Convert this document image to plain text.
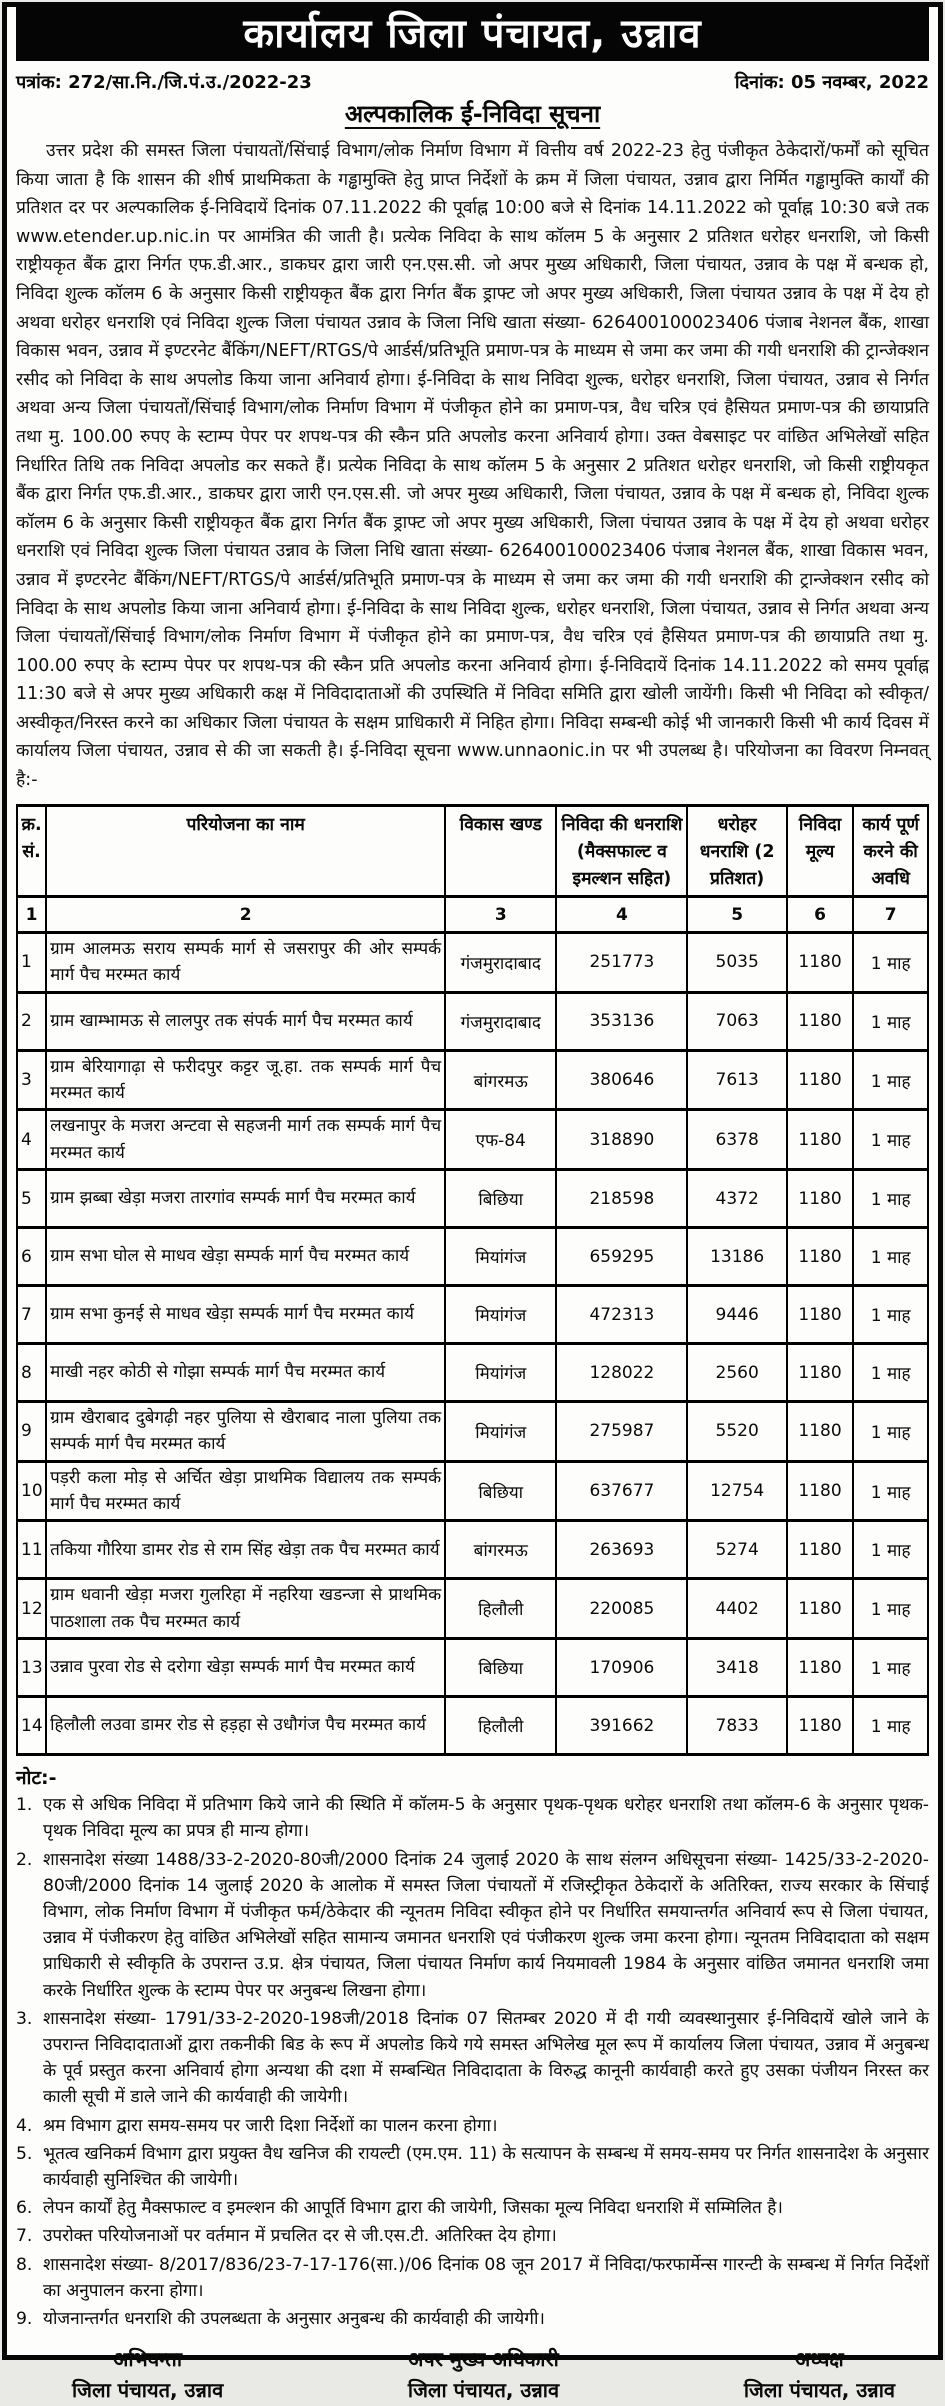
कार्यालय जिला पंचायत, उन्नाव
पत्रांक: 272/सा.नि./जि.पं.उ./2022-23	दिनांक: 05 नवम्बर, 2022
अल्पकालिक ई-निविदा सूचना

उत्तर प्रदेश की समस्त जिला पंचायतों/सिंचाई विभाग/लोक निर्माण विभाग में वित्तीय वर्ष 2022-23 हेतु पंजीकृत ठेकेदारों/फर्मों को सूचित किया जाता है कि शासन की शीर्ष प्राथमिकता के गड्ढामुक्ति हेतु प्राप्त निर्देशों के क्रम में जिला पंचायत, उन्नाव द्वारा निर्मित गड्ढामुक्ति कार्यों की प्रतिशत दर पर अल्पकालिक ई-निविदायें दिनांक 07.11.2022 की पूर्वाह्न 10:00 बजे से दिनांक 14.11.2022 को पूर्वाह्न 10:30 बजे तक www.etender.up.nic.in पर आमंत्रित की जाती है। प्रत्येक निविदा के साथ कॉलम 5 के अनुसार 2 प्रतिशत धरोहर धनराशि, जो किसी राष्ट्रीयकृत बैंक द्वारा निर्गत एफ.डी.आर., डाकघर द्वारा जारी एन.एस.सी. जो अपर मुख्य अधिकारी, जिला पंचायत, उन्नाव के पक्ष में बन्धक हो, निविदा शुल्क कॉलम 6 के अनुसार किसी राष्ट्रीयकृत बैंक द्वारा निर्गत बैंक ड्राफ्ट जो अपर मुख्य अधिकारी, जिला पंचायत उन्नाव के पक्ष में देय हो अथवा धरोहर धनराशि एवं निविदा शुल्क जिला पंचायत उन्नाव के जिला निधि खाता संख्या- 626400100023406 पंजाब नेशनल बैंक, शाखा विकास भवन, उन्नाव में इण्टरनेट बैंकिंग/NEFT/RTGS/पे आर्डर्स/प्रतिभूति प्रमाण-पत्र के माध्यम से जमा कर जमा की गयी धनराशि की ट्रान्जेक्शन रसीद को निविदा के साथ अपलोड किया जाना अनिवार्य होगा। ई-निविदा के साथ निविदा शुल्क, धरोहर धनराशि, जिला पंचायत, उन्नाव से निर्गत अथवा अन्य जिला पंचायतों/सिंचाई विभाग/लोक निर्माण विभाग में पंजीकृत होने का प्रमाण-पत्र, वैध चरित्र एवं हैसियत प्रमाण-पत्र की छायाप्रति तथा मु. 100.00 रुपए के स्टाम्प पेपर पर शपथ-पत्र की स्कैन प्रति अपलोड करना अनिवार्य होगा। उक्त वेबसाइट पर वांछित अभिलेखों सहित निर्धारित तिथि तक निविदा अपलोड कर सकते हैं। प्रत्येक निविदा के साथ कॉलम 5 के अनुसार 2 प्रतिशत धरोहर धनराशि, जो किसी राष्ट्रीयकृत बैंक द्वारा निर्गत एफ.डी.आर., डाकघर द्वारा जारी एन.एस.सी. जो अपर मुख्य अधिकारी, जिला पंचायत, उन्नाव के पक्ष में बन्धक हो, निविदा शुल्क कॉलम 6 के अनुसार किसी राष्ट्रीयकृत बैंक द्वारा निर्गत बैंक ड्राफ्ट जो अपर मुख्य अधिकारी, जिला पंचायत उन्नाव के पक्ष में देय हो अथवा धरोहर धनराशि एवं निविदा शुल्क जिला पंचायत उन्नाव के जिला निधि खाता संख्या- 626400100023406 पंजाब नेशनल बैंक, शाखा विकास भवन, उन्नाव में इण्टरनेट बैंकिंग/NEFT/RTGS/पे आर्डर्स/प्रतिभूति प्रमाण-पत्र के माध्यम से जमा कर जमा की गयी धनराशि की ट्रान्जेक्शन रसीद को निविदा के साथ अपलोड किया जाना अनिवार्य होगा। ई-निविदा के साथ निविदा शुल्क, धरोहर धनराशि, जिला पंचायत, उन्नाव से निर्गत अथवा अन्य जिला पंचायतों/सिंचाई विभाग/लोक निर्माण विभाग में पंजीकृत होने का प्रमाण-पत्र, वैध चरित्र एवं हैसियत प्रमाण-पत्र की छायाप्रति तथा मु. 100.00 रुपए के स्टाम्प पेपर पर शपथ-पत्र की स्कैन प्रति अपलोड करना अनिवार्य होगा। ई-निविदायें दिनांक 14.11.2022 को समय पूर्वाह्न 11:30 बजे से अपर मुख्य अधिकारी कक्ष में निविदादाताओं की उपस्थिति में निविदा समिति द्वारा खोली जायेंगी। किसी भी निविदा को स्वीकृत/ अस्वीकृत/निरस्त करने का अधिकार जिला पंचायत के सक्षम प्राधिकारी में निहित होगा। निविदा सम्बन्धी कोई भी जानकारी किसी भी कार्य दिवस में कार्यालय जिला पंचायत, उन्नाव से की जा सकती है। ई-निविदा सूचना www.unnaonic.in पर भी उपलब्ध है। परियोजना का विवरण निम्नवत् है:-

क्र. सं.	परियोजना का नाम	विकास खण्ड	निविदा की धनराशि (मैक्सफाल्ट व इमल्शन सहित)	धरोहर धनराशि (2 प्रतिशत)	निविदा मूल्य	कार्य पूर्ण करने की अवधि
1	2	3	4	5	6	7
1	ग्राम आलमऊ सराय सम्पर्क मार्ग से जसरापुर की ओर सम्पर्क मार्ग पैच मरम्मत कार्य	गंजमुरादाबाद	251773	5035	1180	1 माह
2	ग्राम खाम्भामऊ से लालपुर तक संपर्क मार्ग पैच मरम्मत कार्य	गंजमुरादाबाद	353136	7063	1180	1 माह
3	ग्राम बेरियागाढ़ा से फरीदपुर कट्टर जू.हा. तक सम्पर्क मार्ग पैच मरम्मत कार्य	बांगरमऊ	380646	7613	1180	1 माह
4	लखनापुर के मजरा अन्टवा से सहजनी मार्ग तक सम्पर्क मार्ग पैच मरम्मत कार्य	एफ-84	318890	6378	1180	1 माह
5	ग्राम झब्बा खेड़ा मजरा तारगांव सम्पर्क मार्ग पैच मरम्मत कार्य	बिछिया	218598	4372	1180	1 माह
6	ग्राम सभा घोल से माधव खेड़ा सम्पर्क मार्ग पैच मरम्मत कार्य	मियांगंज	659295	13186	1180	1 माह
7	ग्राम सभा कुनई से माधव खेड़ा सम्पर्क मार्ग पैच मरम्मत कार्य	मियांगंज	472313	9446	1180	1 माह
8	माखी नहर कोठी से गोझा सम्पर्क मार्ग पैच मरम्मत कार्य	मियांगंज	128022	2560	1180	1 माह
9	ग्राम खैराबाद दुबेगढ़ी नहर पुलिया से खैराबाद नाला पुलिया तक सम्पर्क मार्ग पैच मरम्मत कार्य	मियांगंज	275987	5520	1180	1 माह
10	पड़री कला मोड़ से अर्चित खेड़ा प्राथमिक विद्यालय तक सम्पर्क मार्ग पैच मरम्मत कार्य	बिछिया	637677	12754	1180	1 माह
11	तकिया गौरिया डामर रोड से राम सिंह खेड़ा तक पैच मरम्मत कार्य	बांगरमऊ	263693	5274	1180	1 माह
12	ग्राम धवानी खेड़ा मजरा गुलरिहा में नहरिया खडन्जा से प्राथमिक पाठशाला तक पैच मरम्मत कार्य	हिलौली	220085	4402	1180	1 माह
13	उन्नाव पुरवा रोड से दरोगा खेड़ा सम्पर्क मार्ग पैच मरम्मत कार्य	बिछिया	170906	3418	1180	1 माह
14	हिलौली लउवा डामर रोड से हड़हा से उधौगंज पैच मरम्मत कार्य	हिलौली	391662	7833	1180	1 माह
नोट:-
1. एक से अधिक निविदा में प्रतिभाग किये जाने की स्थिति में कॉलम-5 के अनुसार पृथक-पृथक धरोहर धनराशि तथा कॉलम-6 के अनुसार पृथक-पृथक निविदा मूल्य का प्रपत्र ही मान्य होगा।
2. शासनादेश संख्या 1488/33-2-2020-80जी/2000 दिनांक 24 जुलाई 2020 के साथ संलग्न अधिसूचना संख्या- 1425/33-2-2020-80जी/2000 दिनांक 14 जुलाई 2020 के आलोक में समस्त जिला पंचायतों में रजिस्ट्रीकृत ठेकेदारों के अतिरिक्त, राज्य सरकार के सिंचाई विभाग, लोक निर्माण विभाग में पंजीकृत फर्म/ठेकेदार की न्यूनतम निविदा स्वीकृत होने पर निर्धारित समयान्तर्गत अनिवार्य रूप से जिला पंचायत, उन्नाव में पंजीकरण हेतु वांछित अभिलेखों सहित सामान्य जमानत धनराशि एवं पंजीकरण शुल्क जमा करना होगा। न्यूनतम निविदादाता को सक्षम प्राधिकारी से स्वीकृति के उपरान्त उ.प्र. क्षेत्र पंचायत, जिला पंचायत निर्माण कार्य नियमावली 1984 के अनुसार वांछित जमानत धनराशि जमा करके निर्धारित शुल्क के स्टाम्प पेपर पर अनुबन्ध लिखना होगा।
3. शासनादेश संख्या- 1791/33-2-2020-198जी/2018 दिनांक 07 सितम्बर 2020 में दी गयी व्यवस्थानुसार ई-निविदायें खोले जाने के उपरान्त निविदादाताओं द्वारा तकनीकी बिड के रूप में अपलोड किये गये समस्त अभिलेख मूल रूप में कार्यालय जिला पंचायत, उन्नाव में अनुबन्ध के पूर्व प्रस्तुत करना अनिवार्य होगा अन्यथा की दशा में सम्बन्धित निविदादाता के विरुद्ध कानूनी कार्यवाही करते हुए उसका पंजीयन निरस्त कर काली सूची में डाले जाने की कार्यवाही की जायेगी।
4. श्रम विभाग द्वारा समय-समय पर जारी दिशा निर्देशों का पालन करना होगा।
5. भूतत्व खनिकर्म विभाग द्वारा प्रयुक्त वैध खनिज की रायल्टी (एम.एम. 11) के सत्यापन के सम्बन्ध में समय-समय पर निर्गत शासनादेश के अनुसार कार्यवाही सुनिश्चित की जायेगी।
6. लेपन कार्यों हेतु मैक्सफाल्ट व इमल्शन की आपूर्ति विभाग द्वारा की जायेगी, जिसका मूल्य निविदा धनराशि में सम्मिलित है।
7. उपरोक्त परियोजनाओं पर वर्तमान में प्रचलित दर से जी.एस.टी. अतिरिक्त देय होगा।
8. शासनादेश संख्या- 8/2017/836/23-7-17-176(सा.)/06 दिनांक 08 जून 2017 में निविदा/फरफार्मेन्स गारन्टी के सम्बन्ध में निर्गत निर्देशों का अनुपालन करना होगा।
9. योजनान्तर्गत धनराशि की उपलब्धता के अनुसार अनुबन्ध की कार्यवाही की जायेगी।
अभियन्ता
जिला पंचायत, उन्नाव
अपर मुख्य अधिकारी
जिला पंचायत, उन्नाव
अध्यक्ष
जिला पंचायत, उन्नाव
